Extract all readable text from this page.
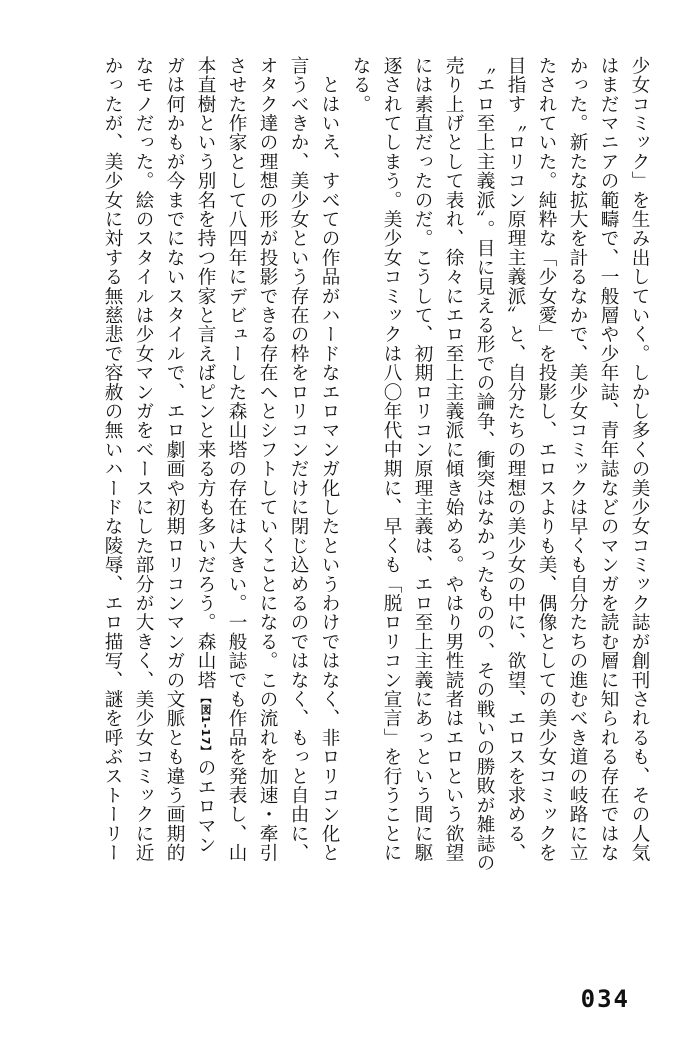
少女コミック」を生み出していく。しかし多くの美少女コミック誌が創刊されるも、その人気
はまだマニアの範疇で、一般層や少年誌、青年誌などのマンガを読む層に知られる存在ではな
かった。新たな拡大を計るなかで、美少女コミックは早くも自分たちの進むべき道の岐路に立
たされていた。純粋な「少女愛」を投影し、エロスよりも美、偶像としての美少女コミックを
目指す〝ロリコン原理主義派〟と、自分たちの理想の美少女の中に、欲望、エロスを求める、
〝エロ至上主義派〟。目に見える形での論争、衝突はなかったものの、その戦いの勝敗が雑誌の
売り上げとして表れ、徐々にエロ至上主義派に傾き始める。やはり男性読者はエロという欲望
には素直だったのだ。こうして、初期ロリコン原理主義は、エロ至上主義にあっという間に駆
逐されてしまう。美少女コミックは八〇年代中期に、早くも「脱ロリコン宣言」を行うことに
なる。
　とはいえ、すべての作品がハードなエロマンガ化したというわけではなく、非ロリコン化と
言うべきか、美少女という存在の枠をロリコンだけに閉じ込めるのではなく、もっと自由に、
オタク達の理想の形が投影できる存在へとシフトしていくことになる。この流れを加速・牽引
させた作家として八四年にデビューした森山塔の存在は大きい。一般誌でも作品を発表し、山
本直樹という別名を持つ作家と言えばピンと来る方も多いだろう。森山塔【図1-17】のエロマン
ガは何かもが今までにないスタイルで、エロ劇画や初期ロリコンマンガの文脈とも違う画期的
なモノだった。絵のスタイルは少女マンガをベースにした部分が大きく、美少女コミックに近
かったが、美少女に対する無慈悲で容赦の無いハードな陵辱、エロ描写、謎を呼ぶストーリー
034
